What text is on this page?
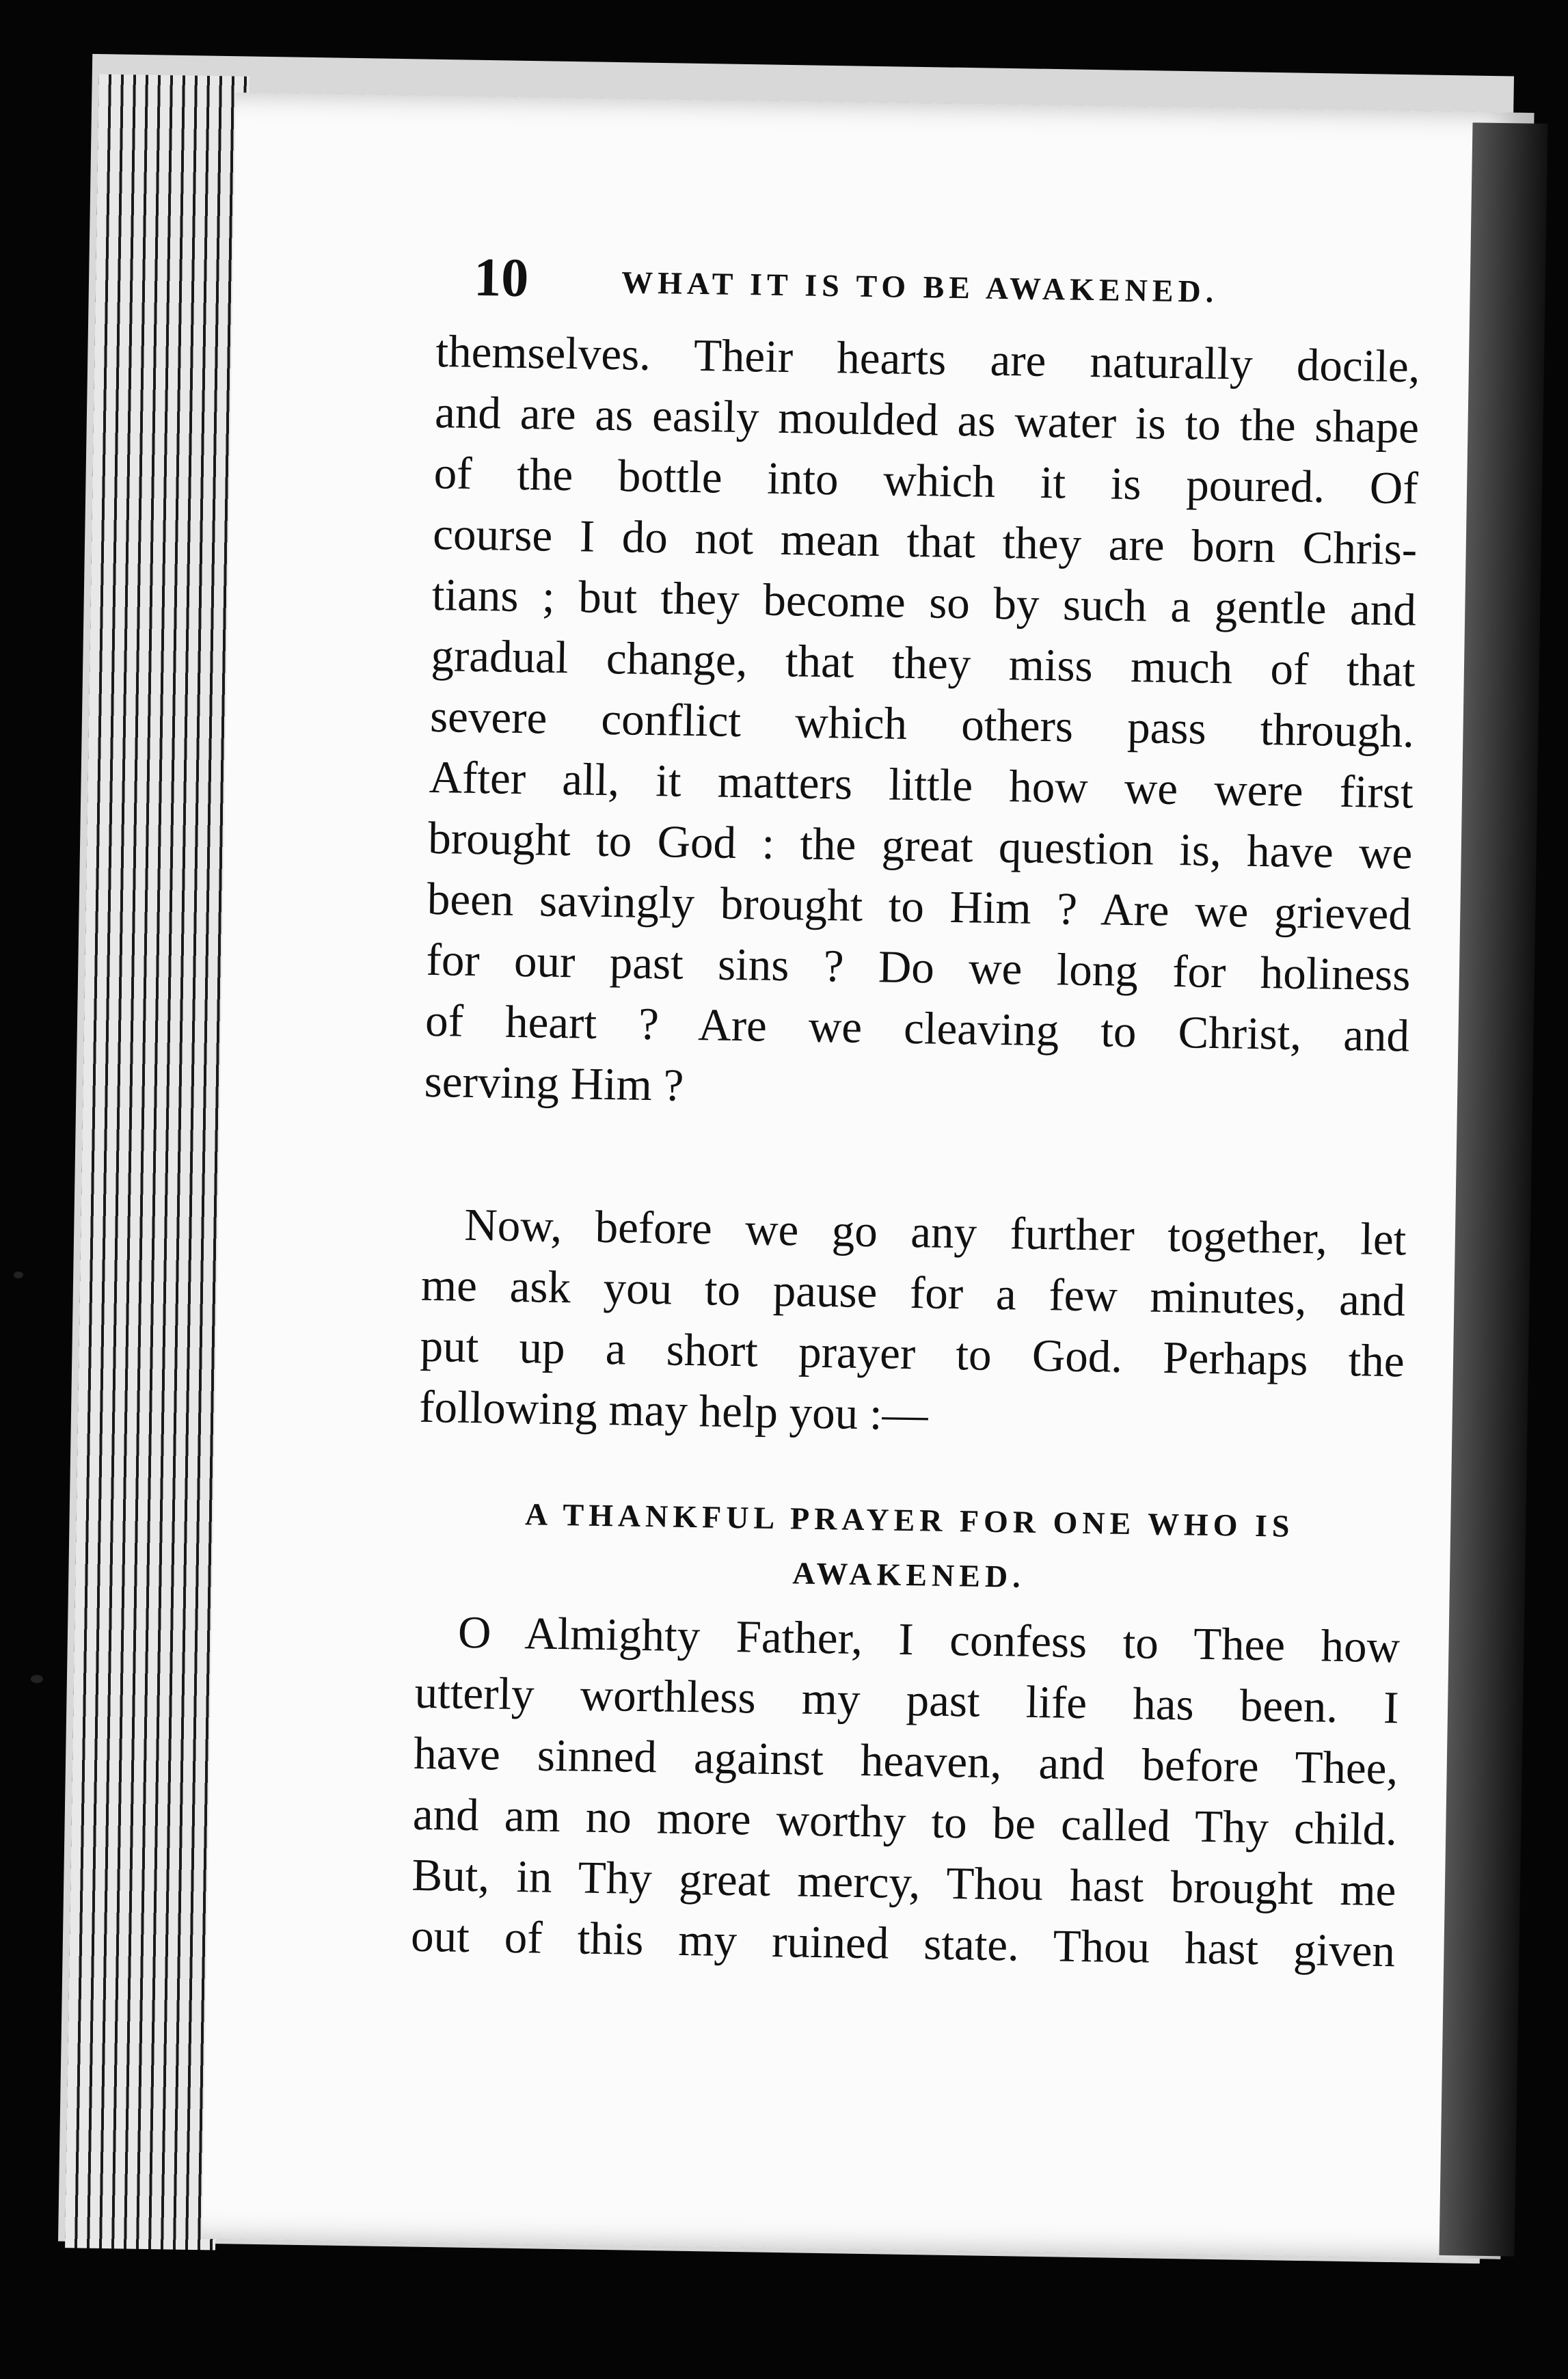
10	WHAT IT IS TO BE AWAKENED.

themselves. Their hearts are naturally docile,
and are as easily moulded as water is to the shape
of the bottle into which it is poured. Of
course I do not mean that they are born Chris-
tians ; but they become so by such a gentle and
gradual change, that they miss much of that
severe conflict which others pass through.
After all, it matters little how we were first
brought to God : the great question is, have we
been savingly brought to Him ? Are we grieved
for our past sins ? Do we long for holiness
of heart ? Are we cleaving to Christ, and
serving Him ?

Now, before we go any further together, let
me ask you to pause for a few minutes, and
put up a short prayer to God. Perhaps the
following may help you :—

A THANKFUL PRAYER FOR ONE WHO IS
AWAKENED.

O Almighty Father, I confess to Thee how
utterly worthless my past life has been. I
have sinned against heaven, and before Thee,
and am no more worthy to be called Thy child.
But, in Thy great mercy, Thou hast brought me
out of this my ruined state. Thou hast given
